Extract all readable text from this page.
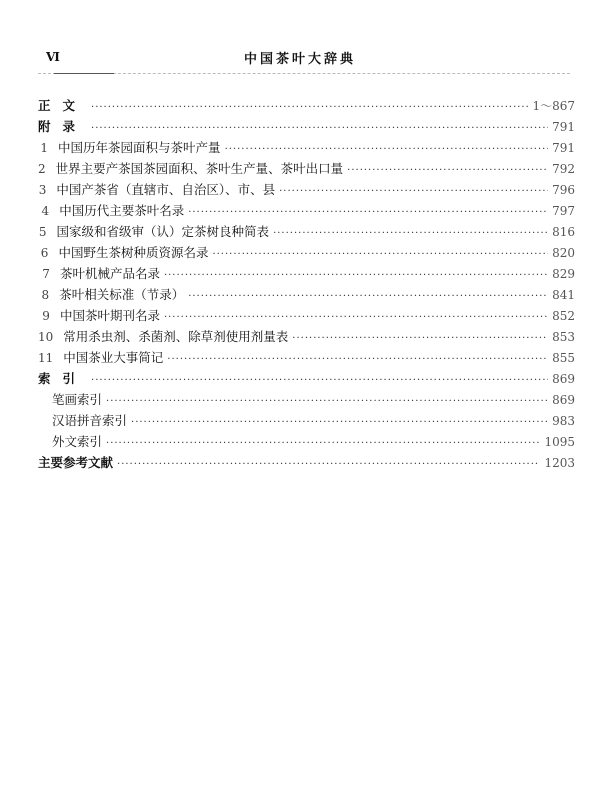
VI	中国茶叶大辞典
正文 ·····	1～867
附录 ·····	791
1 中国历年茶园面积与茶叶产量 ·····	791
2 世界主要产茶国茶园面积、茶叶生产量、茶叶出口量 ·····	792
3 中国产茶省（直辖市、自治区）、市、县 ·····	796
4 中国历代主要茶叶名录 ·····	797
5 国家级和省级审（认）定茶树良种简表 ·····	816
6 中国野生茶树种质资源名录 ·····	820
7 茶叶机械产品名录 ·····	829
8 茶叶相关标准（节录） ·····	841
9 中国茶叶期刊名录 ·····	852
10 常用杀虫剂、杀菌剂、除草剂使用剂量表 ·····	853
11 中国茶业大事简记 ·····	855
索引 ·····	869
笔画索引 ·····	869
汉语拼音索引 ·····	983
外文索引 ·····	1095
主要参考文献 ·····	1203
